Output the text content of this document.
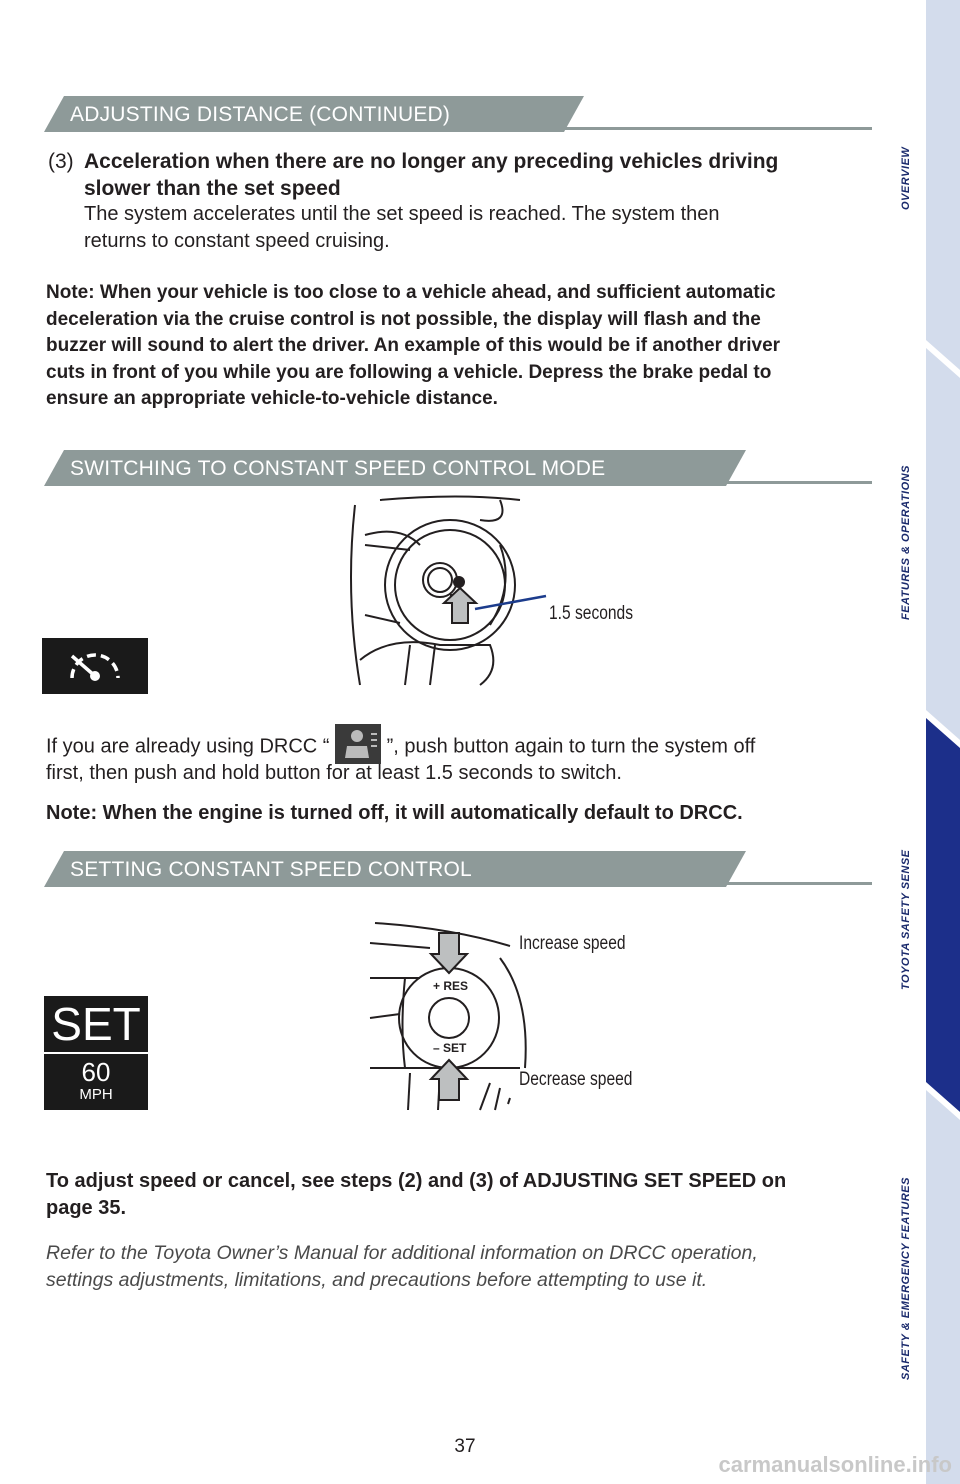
ADJUSTING DISTANCE (CONTINUED)
(3) Acceleration when there are no longer any preceding vehicles driving
slower than the set speed
The system accelerates until the set speed is reached. The system then
returns to constant speed cruising.
Note: When your vehicle is too close to a vehicle ahead, and sufficient automatic
deceleration via the cruise control is not possible, the display will flash and the
buzzer will sound to alert the driver. An example of this would be if another driver
cuts in front of you while you are following a vehicle. Depress the brake pedal to
ensure an appropriate vehicle-to-vehicle distance.
SWITCHING TO CONSTANT SPEED CONTROL MODE
1.5 seconds
If you are already using DRCC “	”, push button again to turn the system off
first, then push and hold button for at least 1.5 seconds to switch.
Note: When the engine is turned off, it will automatically default to DRCC.
SETTING CONSTANT SPEED CONTROL
+ RES
– SET
Increase speed
Decrease speed
SET
60
MPH
To adjust speed or cancel, see steps (2) and (3) of ADJUSTING SET SPEED on
page 35.
Refer to the Toyota Owner’s Manual for additional information on DRCC operation,
settings adjustments, limitations, and precautions before attempting to use it.
OVERVIEW
FEATURES & OPERATIONS
TOYOTA SAFETY SENSE
SAFETY & EMERGENCY FEATURES
37
carmanualsonline.info
